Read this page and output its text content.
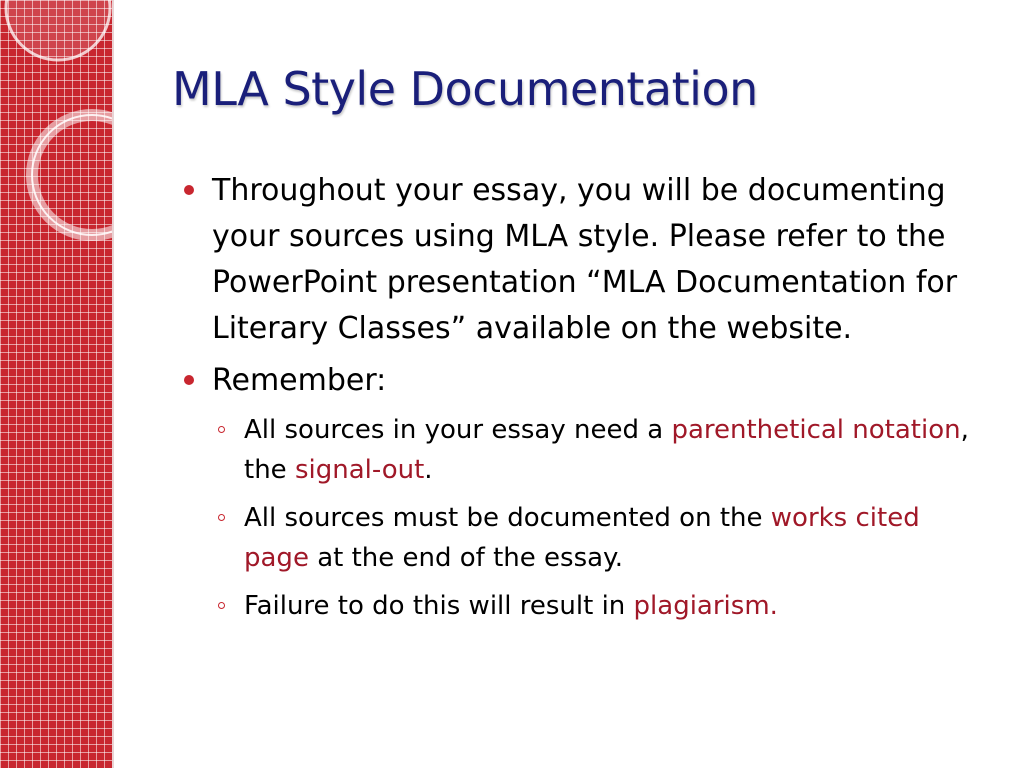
MLA Style Documentation
Throughout your essay, you will be documenting your sources using MLA style. Please refer to the PowerPoint presentation “MLA Documentation for Literary Classes” available on the website.
Remember:
All sources in your essay need a parenthetical notation, the signal-out.
All sources must be documented on the works cited page at the end of the essay.
Failure to do this will result in plagiarism.
